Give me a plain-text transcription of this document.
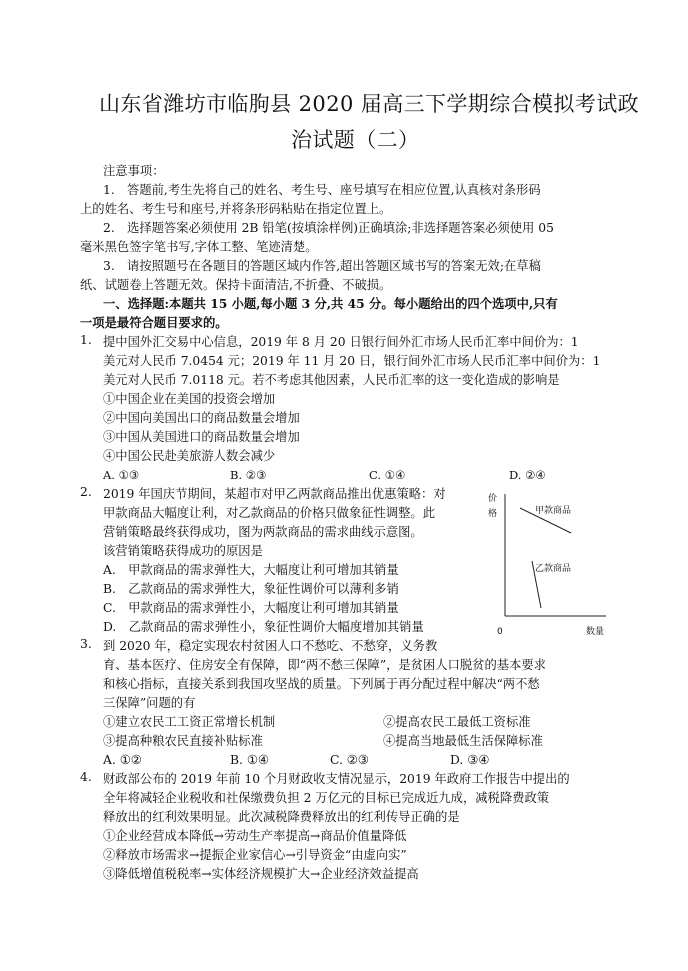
山东省潍坊市临朐县 2020 届高三下学期综合模拟考试政
治试题（二）
注意事项：
1.　答题前,考生先将自己的姓名、考生号、座号填写在相应位置,认真核对条形码
上的姓名、考生号和座号,并将条形码粘贴在指定位置上。
2.　选择题答案必须使用 2B 铅笔(按填涂样例)正确填涂;非选择题答案必须使用 05
毫米黑色签字笔书写,字体工整、笔迹清楚。
3.　请按照题号在各题目的答题区域内作答,超出答题区域书写的答案无效;在草稿
纸、试题卷上答题无效。保持卡面清洁,不折叠、不破损。
一、选择题:本题共 15 小题,每小题 3 分,共 45 分。每小题给出的四个选项中,只有
一项是最符合题目要求的。
1. 提中国外汇交易中心信息，2019 年 8 月 20 日银行间外汇市场人民币汇率中间价为：1
美元对人民币 7.0454 元；2019 年 11 月 20 日，银行间外汇市场人民币汇率中间价为：1
美元对人民币 7.0118 元。若不考虑其他因素，人民币汇率的这一变化造成的影响是
①中国企业在美国的投资会增加
②中国向美国出口的商品数量会增加
③中国从美国进口的商品数量会增加
④中国公民赴美旅游人数会减少
A. ①③	B. ②③	C. ①④	D. ②④
2. 2019 年国庆节期间，某超市对甲乙两款商品推出优惠策略：对
甲款商品大幅度让利，对乙款商品的价格只做象征性调整。此
营销策略最终获得成功，图为两款商品的需求曲线示意图。
该营销策略获得成功的原因是
A.　甲款商品的需求弹性大，大幅度让利可增加其销量
B.　乙款商品的需求弹性大，象征性调价可以薄利多销
C.　甲款商品的需求弹性小，大幅度让利可增加其销量
D.　乙款商品的需求弹性小，象征性调价大幅度增加其销量
价
格
0	数量
甲款商品
乙款商品
3. 到 2020 年，稳定实现农村贫困人口不愁吃、不愁穿，义务教
育、基本医疗、住房安全有保障，即“两不愁三保障”，是贫困人口脱贫的基本要求
和核心指标，直接关系到我国攻坚战的质量。下列属于再分配过程中解决“两不愁
三保障”问题的有
①建立农民工工资正常增长机制	②提高农民工最低工资标准
③提高种粮农民直接补贴标准	④提高当地最低生活保障标准
A. ①②	B. ①④	C. ②③	D. ③④
4. 财政部公布的 2019 年前 10 个月财政收支情况显示，2019 年政府工作报告中提出的
全年将减轻企业税收和社保缴费负担 2 万亿元的目标已完成近九成，减税降费政策
释放出的红利效果明显。此次减税降费释放出的红利传导正确的是
①企业经营成本降低→劳动生产率提高→商品价值量降低
②释放市场需求→提振企业家信心→引导资金“由虚向实”
③降低增值税税率→实体经济规模扩大→企业经济效益提高
